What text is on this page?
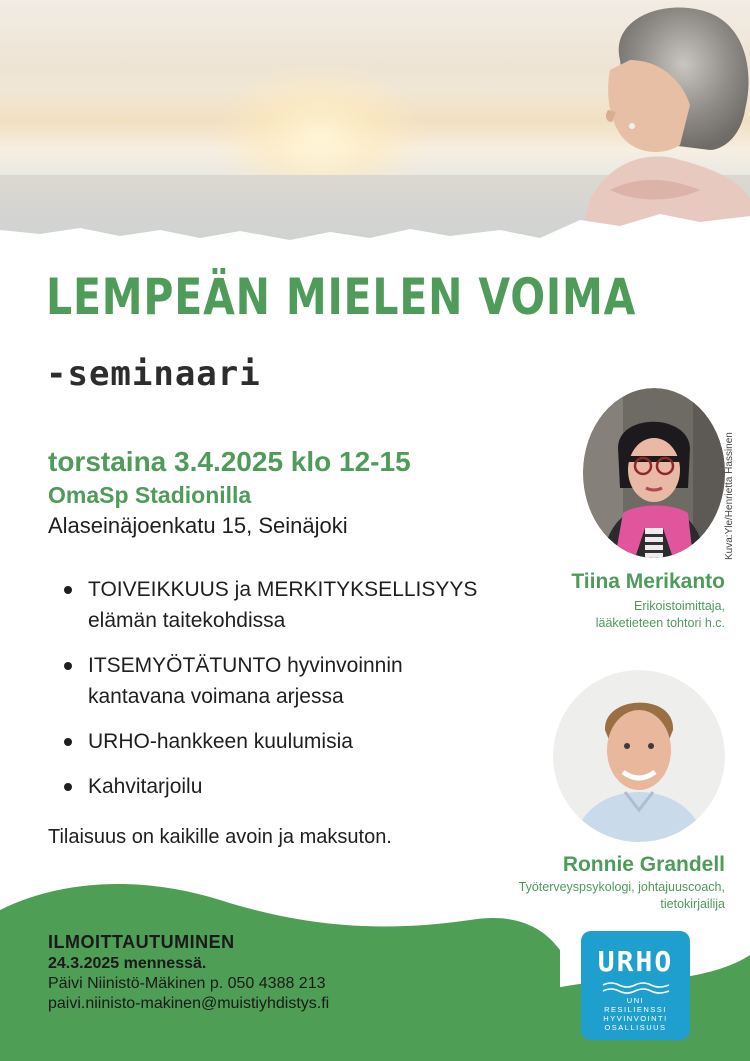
LEMPEÄN MIELEN VOIMA
-seminaari
torstaina 3.4.2025 klo 12-15
OmaSp Stadionilla
Alaseinäjoenkatu 15, Seinäjoki
TOIVEIKKUUS ja MERKITYKSELLISYYS
elämän taitekohdissa
ITSEMYÖTÄTUNTO hyvinvoinnin
kantavana voimana arjessa
URHO-hankkeen kuulumisia
Kahvitarjoilu
Tilaisuus on kaikille avoin ja maksuton.
Kuva:Yle/Henrietta Hassinen
Tiina Merikanto
Erikoistoimittaja,
lääketieteen tohtori h.c.
Ronnie Grandell
Työterveyspsykologi, johtajuuscoach,
tietokirjailija
ILMOITTAUTUMINEN
24.3.2025 mennessä.
Päivi Niinistö-Mäkinen p. 050 4388 213
paivi.niinisto-makinen@muistiyhdistys.fi
URHO
UNI
RESILIENSSI
HYVINVOINTI
OSALLISUUS
